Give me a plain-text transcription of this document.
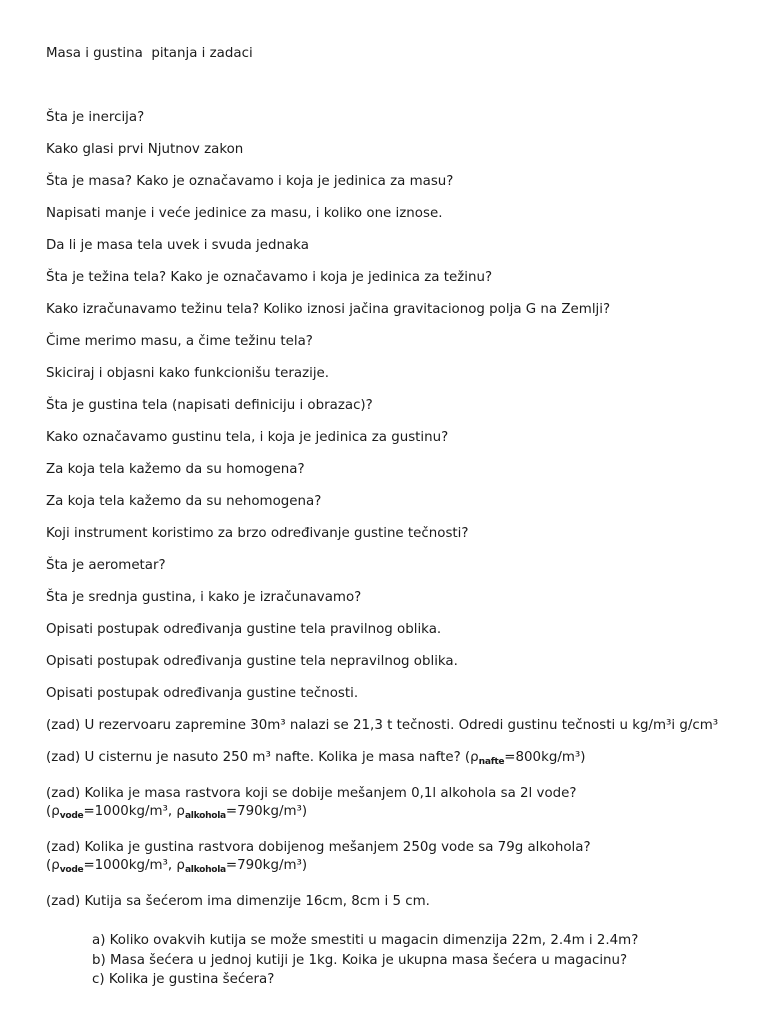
Masa i gustina  pitanja i zadaci
Šta je inercija?
Kako glasi prvi Njutnov zakon
Šta je masa? Kako je označavamo i koja je jedinica za masu?
Napisati manje i veće jedinice za masu, i koliko one iznose.
Da li je masa tela uvek i svuda jednaka
Šta je težina tela? Kako je označavamo i koja je jedinica za težinu?
Kako izračunavamo težinu tela? Koliko iznosi jačina gravitacionog polja G na Zemlji?
Čime merimo masu, a čime težinu tela?
Skiciraj i objasni kako funkcionišu terazije.
Šta je gustina tela (napisati definiciju i obrazac)?
Kako označavamo gustinu tela, i koja je jedinica za gustinu?
Za koja tela kažemo da su homogena?
Za koja tela kažemo da su nehomogena?
Koji instrument koristimo za brzo određivanje gustine tečnosti?
Šta je aerometar?
Šta je srednja gustina, i kako je izračunavamo?
Opisati postupak određivanja gustine tela pravilnog oblika.
Opisati postupak određivanja gustine tela nepravilnog oblika.
Opisati postupak određivanja gustine tečnosti.
(zad) U rezervoaru zapremine 30m³ nalazi se 21,3 t tečnosti. Odredi gustinu tečnosti u kg/m³i g/cm³
(zad) U cisternu je nasuto 250 m³ nafte. Kolika je masa nafte? $(\rho_{nafte}=800kg/m^3)$
(zad) Kolika je masa rastvora koji se dobije mešanjem 0,1l alkohola sa 2l vode?
($\rho_{vode}=1000kg/m^3$, $\rho_{alkohola}=790kg/m^3$)
(zad) Kolika je gustina rastvora dobijenog mešanjem 250g vode sa 79g alkohola?
($\rho_{vode}=1000kg/m^3$, $\rho_{alkohola}=790kg/m^3$)
(zad) Kutija sa šećerom ima dimenzije 16cm, 8cm i 5 cm.
a) Koliko ovakvih kutija se može smestiti u magacin dimenzija 22m, 2.4m i 2.4m?
b) Masa šećera u jednoj kutiji je 1kg. Koika je ukupna masa šećera u magacinu?
c) Kolika je gustina šećera?
